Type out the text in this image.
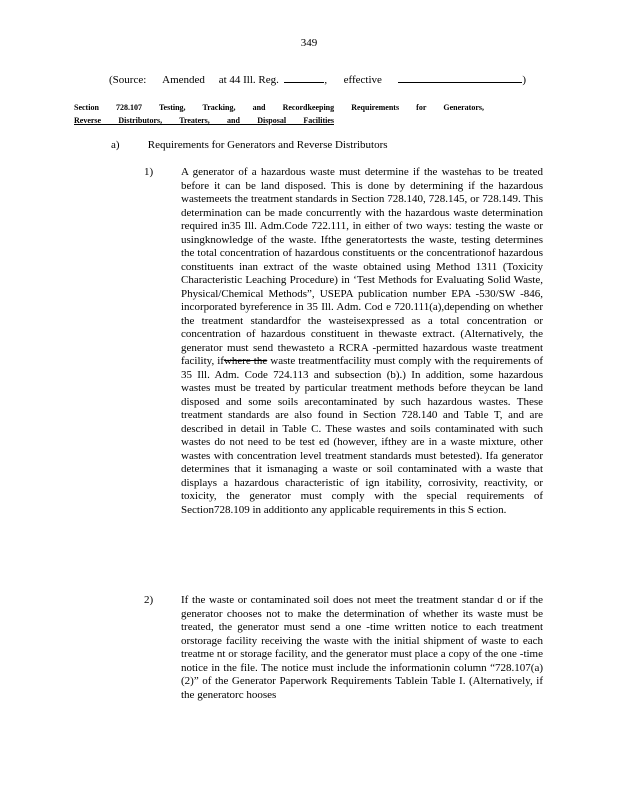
349
(Source: Amended at 44 Ill. Reg.	, effective	)
Section 728.107 Testing, Tracking, and Recordkeeping Requirements for Generators,
Reverse Distributors, Treaters, and Disposal Facilities
a)	Requirements for Generators and Reverse Distributors
1)	A generator of a hazardous waste must determine if the wastehas to be treated before it can be land disposed. This is done by determining if the hazardous wastemeets the treatment standards in Section 728.140, 728.145, or 728.149. This determination can be made concurrently with the hazardous waste determination required in35 Ill. Adm.Code 722.111, in either of two ways: testing the waste or usingknowledge of the waste. Ifthe generatortests the waste, testing determines the total concentration of hazardous constituents or the concentrationof hazardous constituents inan extract of the waste obtained using Method 1311 (Toxicity Characteristic Leaching Procedure) in ‘Test Methods for Evaluating Solid Waste, Physical/Chemical Methods”, USEPA publication number EPA -530/SW -846, incorporated byreference in 35 Ill. Adm. Cod e 720.111(a),depending on whether the treatment standardfor the wasteisexpressed as a total concentration or concentration of hazardous constituent in thewaste extract. (Alternatively, the generator must send thewasteto a RCRA -permitted hazardous waste treatment facility, ifwhere the waste treatmentfacility must comply with the requirements of 35 Ill. Adm. Code 724.113 and subsection (b).) In addition, some hazardous wastes must be treated by particular treatment methods before theycan be land disposed and some soils arecontaminated by such hazardous wastes. These treatment standards are also found in Section 728.140 and Table T, and are described in detail in Table C. These wastes and soils contaminated with such wastes do not need to be test ed (however, ifthey are in a waste mixture, other wastes with concentration level treatment standards must betested). Ifa generator determines that it ismanaging a waste or soil contaminated with a waste that displays a hazardous characteristic of ign itability, corrosivity, reactivity, or toxicity, the generator must comply with the special requirements of Section728.109 in additionto any applicable requirements in this S ection.
2)	If the waste or contaminated soil does not meet the treatment standar d or if the generator chooses not to make the determination of whether its waste must be treated, the generator must send a one -time written notice to each treatment orstorage facility receiving the waste with the initial shipment of waste to each treatme nt or storage facility, and the generator must place a copy of the one -time notice in the file. The notice must include the informationin column “728.107(a)(2)” of the Generator Paperwork Requirements Tablein Table I. (Alternatively, if the generatorc hooses
